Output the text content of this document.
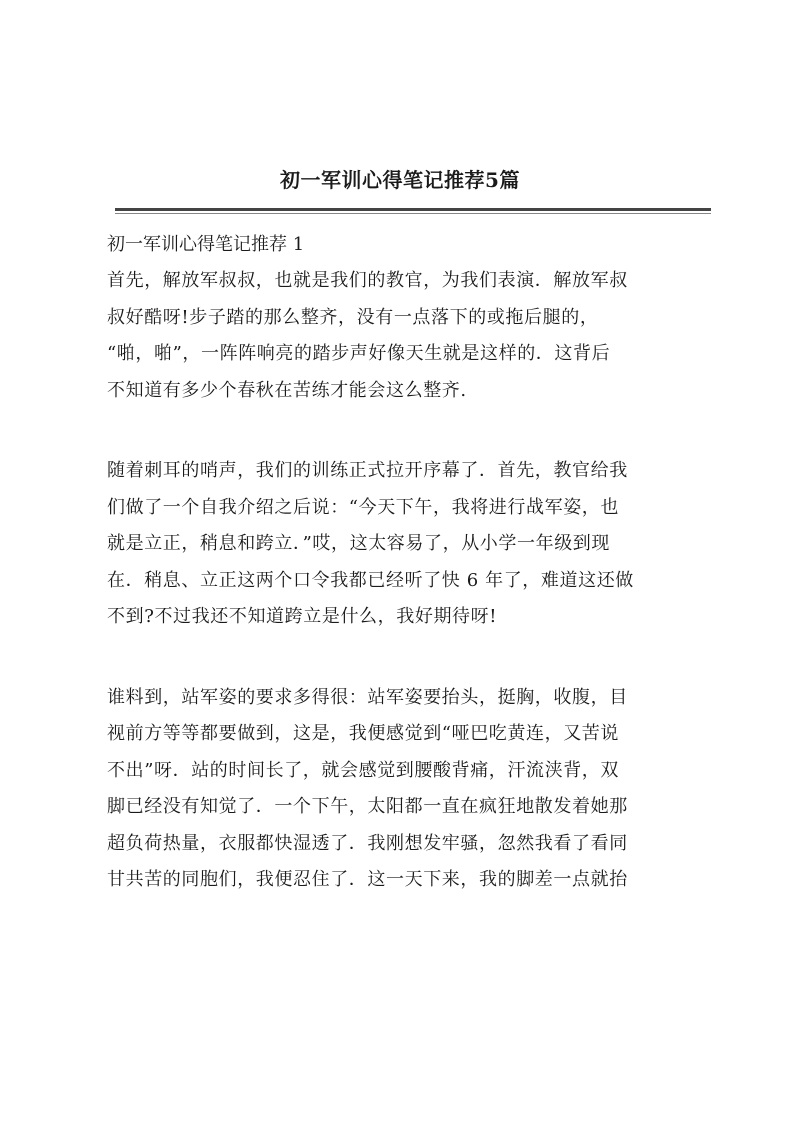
初一军训心得笔记推荐5篇
初一军训心得笔记推荐 1
首先，解放军叔叔，也就是我们的教官，为我们表演．解放军叔
叔好酷呀!步子踏的那么整齐，没有一点落下的或拖后腿的，
“啪，啪”，一阵阵响亮的踏步声好像天生就是这样的．这背后
不知道有多少个春秋在苦练才能会这么整齐.
随着刺耳的哨声，我们的训练正式拉开序幕了．首先，教官给我
们做了一个自我介绍之后说：“今天下午，我将进行战军姿，也
就是立正，稍息和跨立．”哎，这太容易了，从小学一年级到现
在．稍息、立正这两个口令我都已经听了快 6 年了，难道这还做
不到?不过我还不知道跨立是什么，我好期待呀!
谁料到，站军姿的要求多得很：站军姿要抬头，挺胸，收腹，目
视前方等等都要做到，这是，我便感觉到“哑巴吃黄连，又苦说
不出”呀．站的时间长了，就会感觉到腰酸背痛，汗流浃背，双
脚已经没有知觉了．一个下午，太阳都一直在疯狂地散发着她那
超负荷热量，衣服都快湿透了．我刚想发牢骚，忽然我看了看同
甘共苦的同胞们，我便忍住了．这一天下来，我的脚差一点就抬
